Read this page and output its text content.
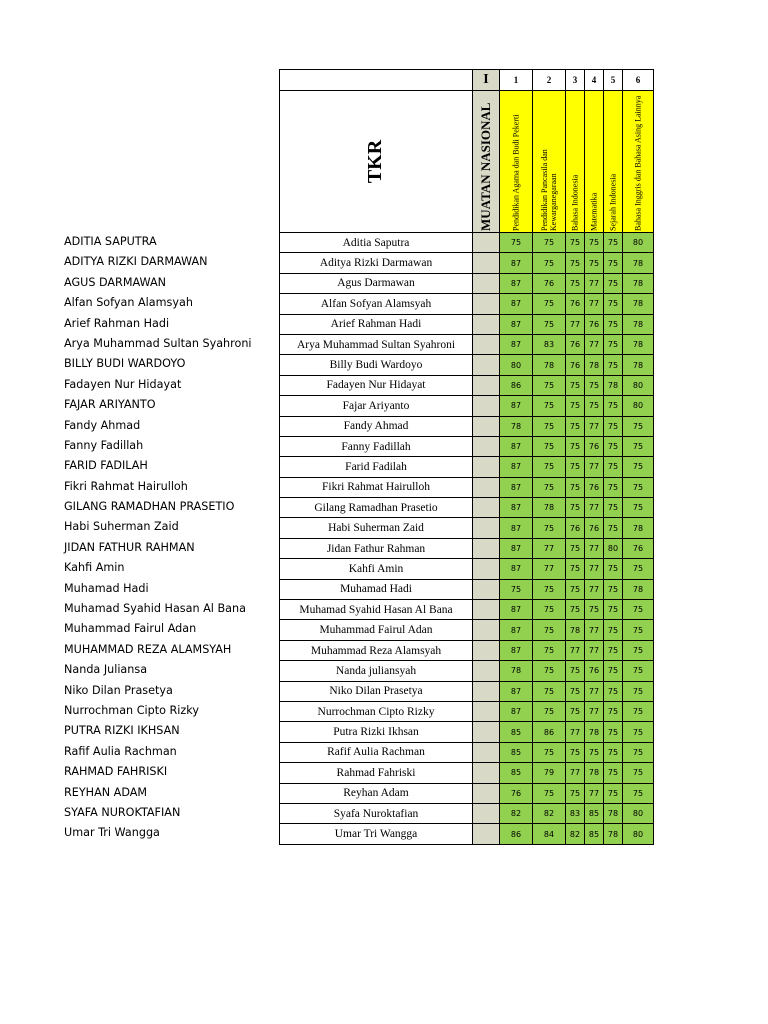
ADITIA SAPUTRA
ADITYA RIZKI DARMAWAN
AGUS DARMAWAN
Alfan Sofyan Alamsyah
Arief Rahman Hadi
Arya Muhammad Sultan Syahroni
BILLY BUDI WARDOYO
Fadayen Nur Hidayat
FAJAR ARIYANTO
Fandy Ahmad
Fanny Fadillah
FARID FADILAH
Fikri Rahmat Hairulloh
GILANG RAMADHAN PRASETIO
Habi Suherman Zaid
JIDAN FATHUR RAHMAN
Kahfi Amin
Muhamad Hadi
Muhamad Syahid Hasan Al Bana
Muhammad Fairul Adan
MUHAMMAD REZA ALAMSYAH
Nanda Juliansa
Niko Dilan Prasetya
Nurrochman Cipto Rizky
PUTRA RIZKI IKHSAN
Rafif Aulia Rachman
RAHMAD FAHRISKI
REYHAN ADAM
SYAFA NUROKTAFIAN
Umar Tri Wangga
	I	1	2	3	4	5	6
TKR	MUATAN NASIONAL	Pendidikan Agama dan Budi Pekerti	Pendidikan Pancasila dan Kewarganegaraan	Bahasa Indonesia	Matematika	Sejarah Indonesia	Bahasa Inggris dan Bahasa Asing Lainnya

Aditia Saputra		75	75	75	75	75	80
Aditya Rizki Darmawan		87	75	75	75	75	78
Agus Darmawan		87	76	75	77	75	78
Alfan Sofyan Alamsyah		87	75	76	77	75	78
Arief Rahman Hadi		87	75	77	76	75	78
Arya Muhammad Sultan Syahroni		87	83	76	77	75	78
Billy Budi Wardoyo		80	78	76	78	75	78
Fadayen Nur Hidayat		86	75	75	75	78	80
Fajar Ariyanto		87	75	75	75	75	80
Fandy Ahmad		78	75	75	77	75	75
Fanny Fadillah		87	75	75	76	75	75
Farid Fadilah		87	75	75	77	75	75
Fikri Rahmat Hairulloh		87	75	75	76	75	75
Gilang Ramadhan Prasetio		87	78	75	77	75	75
Habi Suherman Zaid		87	75	76	76	75	78
Jidan Fathur Rahman		87	77	75	77	80	76
Kahfi Amin		87	77	75	77	75	75
Muhamad Hadi		75	75	75	77	75	78
Muhamad Syahid Hasan Al Bana		87	75	75	75	75	75
Muhammad Fairul Adan		87	75	78	77	75	75
Muhammad Reza Alamsyah		87	75	77	77	75	75
Nanda juliansyah		78	75	75	76	75	75
Niko Dilan Prasetya		87	75	75	77	75	75
Nurrochman Cipto Rizky		87	75	75	77	75	75
Putra Rizki Ikhsan		85	86	77	78	75	75
Rafif Aulia Rachman		85	75	75	75	75	75
Rahmad Fahriski		85	79	77	78	75	75
Reyhan Adam		76	75	75	77	75	75
Syafa Nuroktafian		82	82	83	85	78	80
Umar Tri Wangga		86	84	82	85	78	80
